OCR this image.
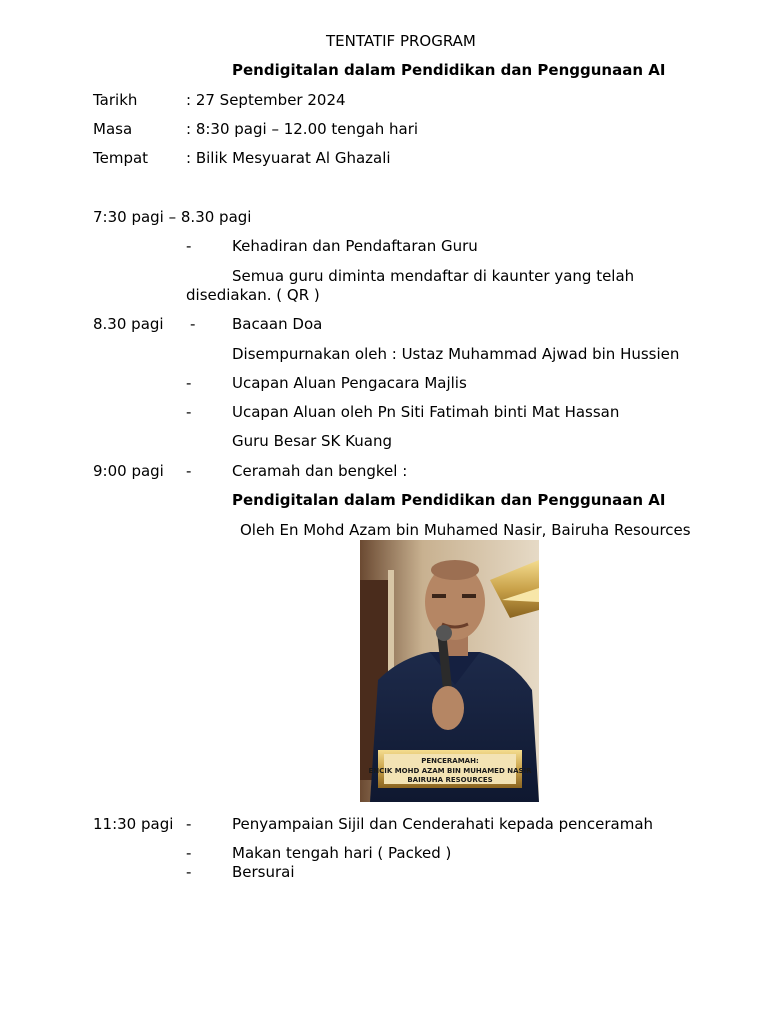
TENTATIF PROGRAM
Pendigitalan dalam Pendidikan dan Penggunaan AI
Tarikh	: 27 September 2024
Masa	: 8:30 pagi – 12.00 tengah hari
Tempat	: Bilik Mesyuarat Al Ghazali
7:30 pagi – 8.30 pagi
-	Kehadiran dan Pendaftaran Guru
Semua guru diminta mendaftar di kaunter yang telah
disediakan. ( QR )
8.30 pagi - Bacaan Doa
Disempurnakan oleh : Ustaz Muhammad Ajwad bin Hussien
-	Ucapan Aluan Pengacara Majlis
-	Ucapan Aluan oleh Pn Siti Fatimah binti Mat Hassan
Guru Besar SK Kuang
9:00 pagi -	Ceramah dan bengkel :
Pendigitalan dalam Pendidikan dan Penggunaan AI
Oleh En Mohd Azam bin Muhamed Nasir, Bairuha Resources
PENCERAMAH:
ENCIK MOHD AZAM BIN MUHAMED NASIR
BAIRUHA RESOURCES
11:30 pagi -	Penyampaian Sijil dan Cenderahati kepada penceramah
-	Makan tengah hari ( Packed )
-	Bersurai
